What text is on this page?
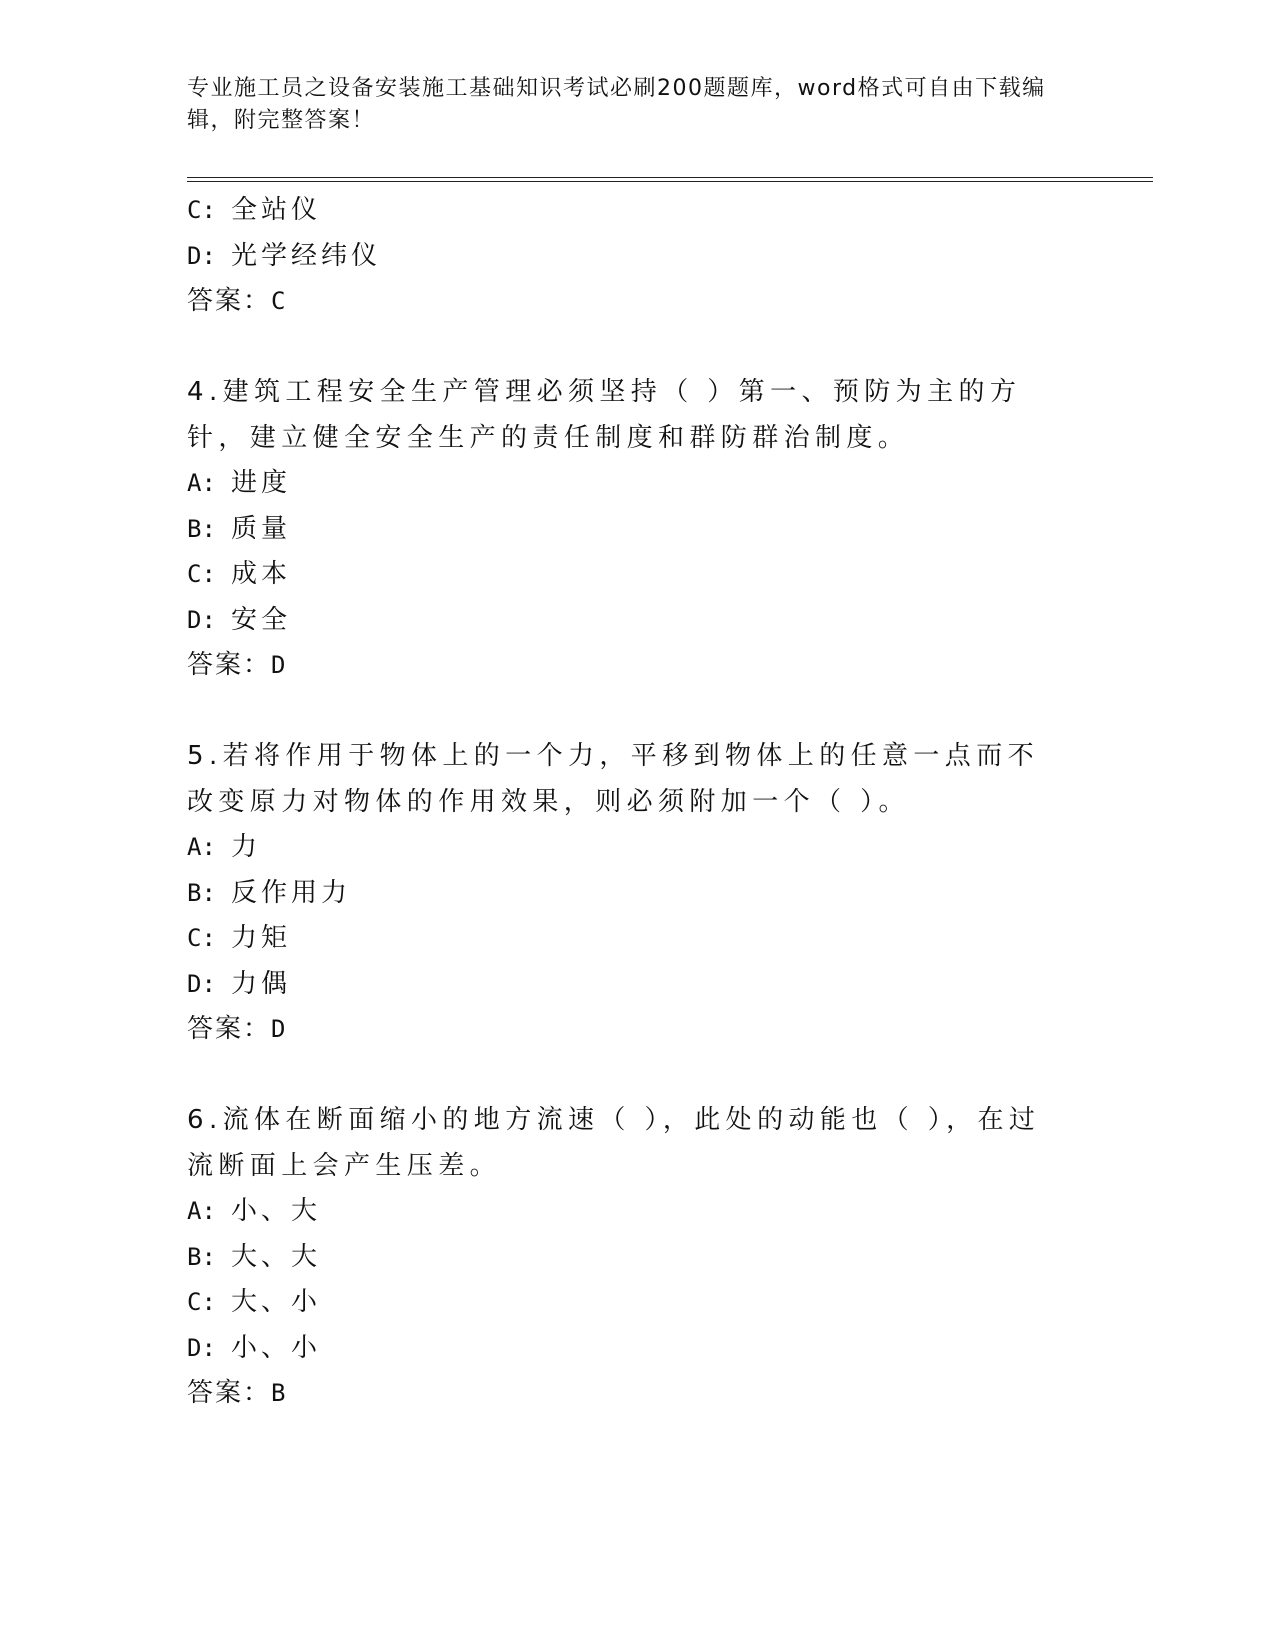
专业施工员之设备安装施工基础知识考试必刷200题题库，word格式可自由下载编辑，附完整答案！
C: 全站仪
D: 光学经纬仪
答案：C
4.建筑工程安全生产管理必须坚持（ ）第一、预防为主的方针，建立健全安全生产的责任制度和群防群治制度。
A: 进度
B: 质量
C: 成本
D: 安全
答案：D
5.若将作用于物体上的一个力，平移到物体上的任意一点而不改变原力对物体的作用效果，则必须附加一个（ ）。
A: 力
B: 反作用力
C: 力矩
D: 力偶
答案：D
6.流体在断面缩小的地方流速（ ），此处的动能也（ ），在过流断面上会产生压差。
A: 小、大
B: 大、大
C: 大、小
D: 小、小
答案：B
